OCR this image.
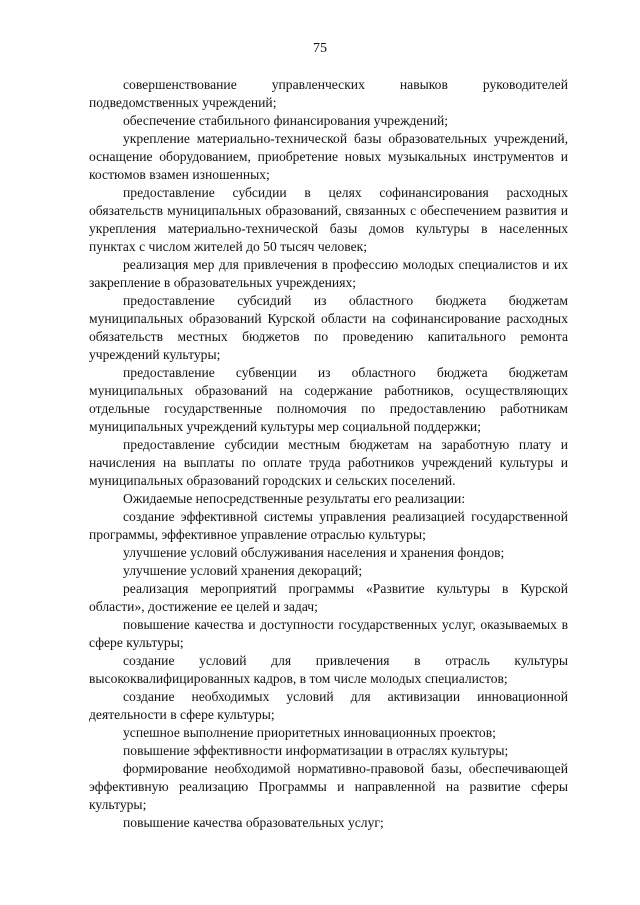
75

совершенствование управленческих навыков руководителей подведомственных учреждений;

обеспечение стабильного финансирования учреждений;

укрепление материально-технической базы образовательных учреждений, оснащение оборудованием, приобретение новых музыкальных инструментов и костюмов взамен изношенных;

предоставление субсидии в целях софинансирования расходных обязательств муниципальных образований, связанных с обеспечением развития и укрепления материально-технической базы домов культуры в населенных пунктах с числом жителей до 50 тысяч человек;

реализация мер для привлечения в профессию молодых специалистов и их закрепление в образовательных учреждениях;

предоставление субсидий из областного бюджета бюджетам муниципальных образований Курской области на софинансирование расходных обязательств местных бюджетов по проведению капитального ремонта учреждений культуры;

предоставление субвенции из областного бюджета бюджетам муниципальных образований на содержание работников, осуществляющих отдельные государственные полномочия по предоставлению работникам муниципальных учреждений культуры мер социальной поддержки;

предоставление субсидии местным бюджетам на заработную плату и начисления на выплаты по оплате труда работников учреждений культуры и муниципальных образований городских и сельских поселений.

Ожидаемые непосредственные результаты его реализации:

создание эффективной системы управления реализацией государственной программы, эффективное управление отраслью культуры;

улучшение условий обслуживания населения и хранения фондов;

улучшение условий хранения декораций;

реализация мероприятий программы «Развитие культуры в Курской области», достижение ее целей и задач;

повышение качества и доступности государственных услуг, оказываемых в сфере культуры;

создание условий для привлечения в отрасль культуры высококвалифицированных кадров, в том числе молодых специалистов;

создание необходимых условий для активизации инновационной деятельности в сфере культуры;

успешное выполнение приоритетных инновационных проектов;

повышение эффективности информатизации в отраслях культуры;

формирование необходимой нормативно-правовой базы, обеспечивающей эффективную реализацию Программы и направленной на развитие сферы культуры;

повышение качества образовательных услуг;
